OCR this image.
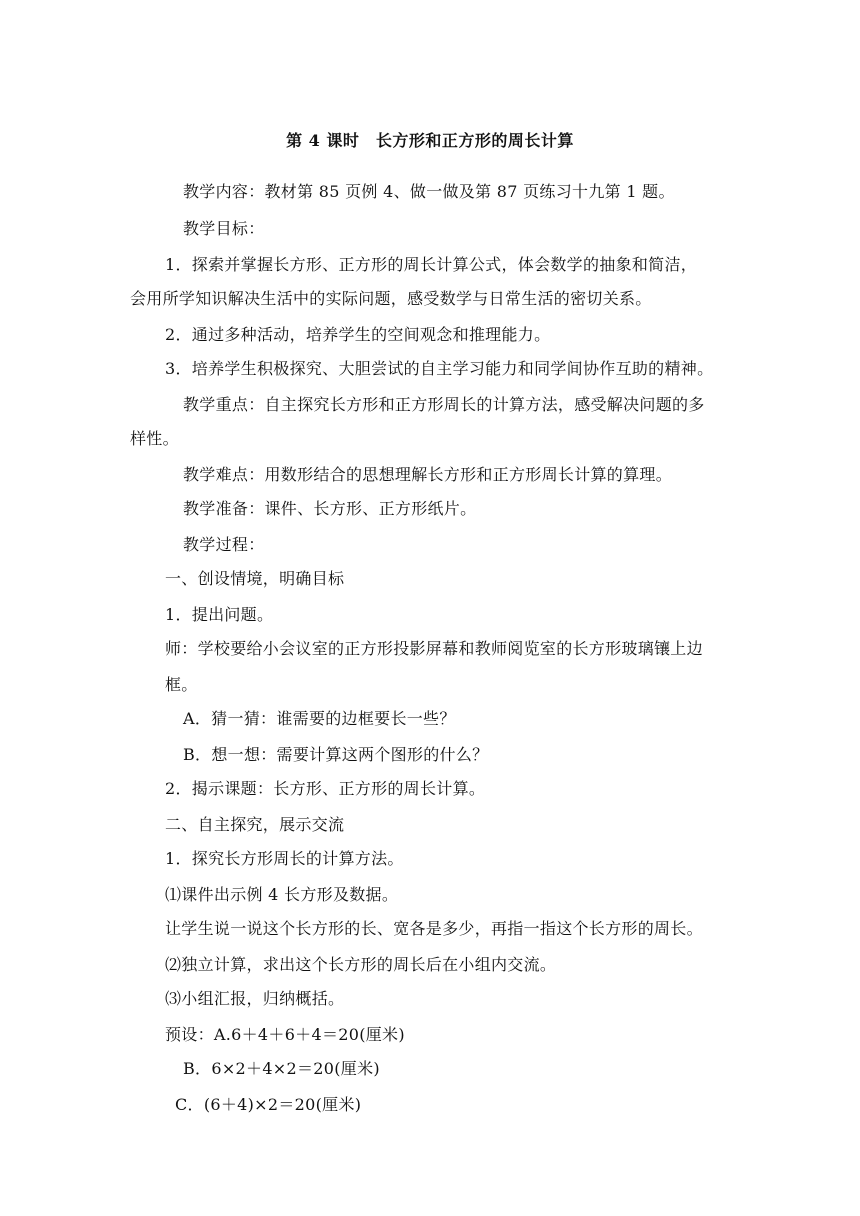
第 4 课时　长方形和正方形的周长计算
教学内容：教材第 85 页例 4、做一做及第 87 页练习十九第 1 题。
教学目标：
1．探索并掌握长方形、正方形的周长计算公式，体会数学的抽象和简洁，
会用所学知识解决生活中的实际问题，感受数学与日常生活的密切关系。
2．通过多种活动，培养学生的空间观念和推理能力。
3．培养学生积极探究、大胆尝试的自主学习能力和同学间协作互助的精神。
教学重点：自主探究长方形和正方形周长的计算方法，感受解决问题的多
样性。
教学难点：用数形结合的思想理解长方形和正方形周长计算的算理。
教学准备：课件、长方形、正方形纸片。
教学过程：
一、创设情境，明确目标
1．提出问题。
师：学校要给小会议室的正方形投影屏幕和教师阅览室的长方形玻璃镶上边
框。
A．猜一猜：谁需要的边框要长一些？
B．想一想：需要计算这两个图形的什么？
2．揭示课题：长方形、正方形的周长计算。
二、自主探究，展示交流
1．探究长方形周长的计算方法。
⑴课件出示例 4 长方形及数据。
让学生说一说这个长方形的长、宽各是多少，再指一指这个长方形的周长。
⑵独立计算，求出这个长方形的周长后在小组内交流。
⑶小组汇报，归纳概括。
预设：A.6＋4＋6＋4＝20(厘米)
B．6×2＋4×2＝20(厘米)
C．(6＋4)×2＝20(厘米)
